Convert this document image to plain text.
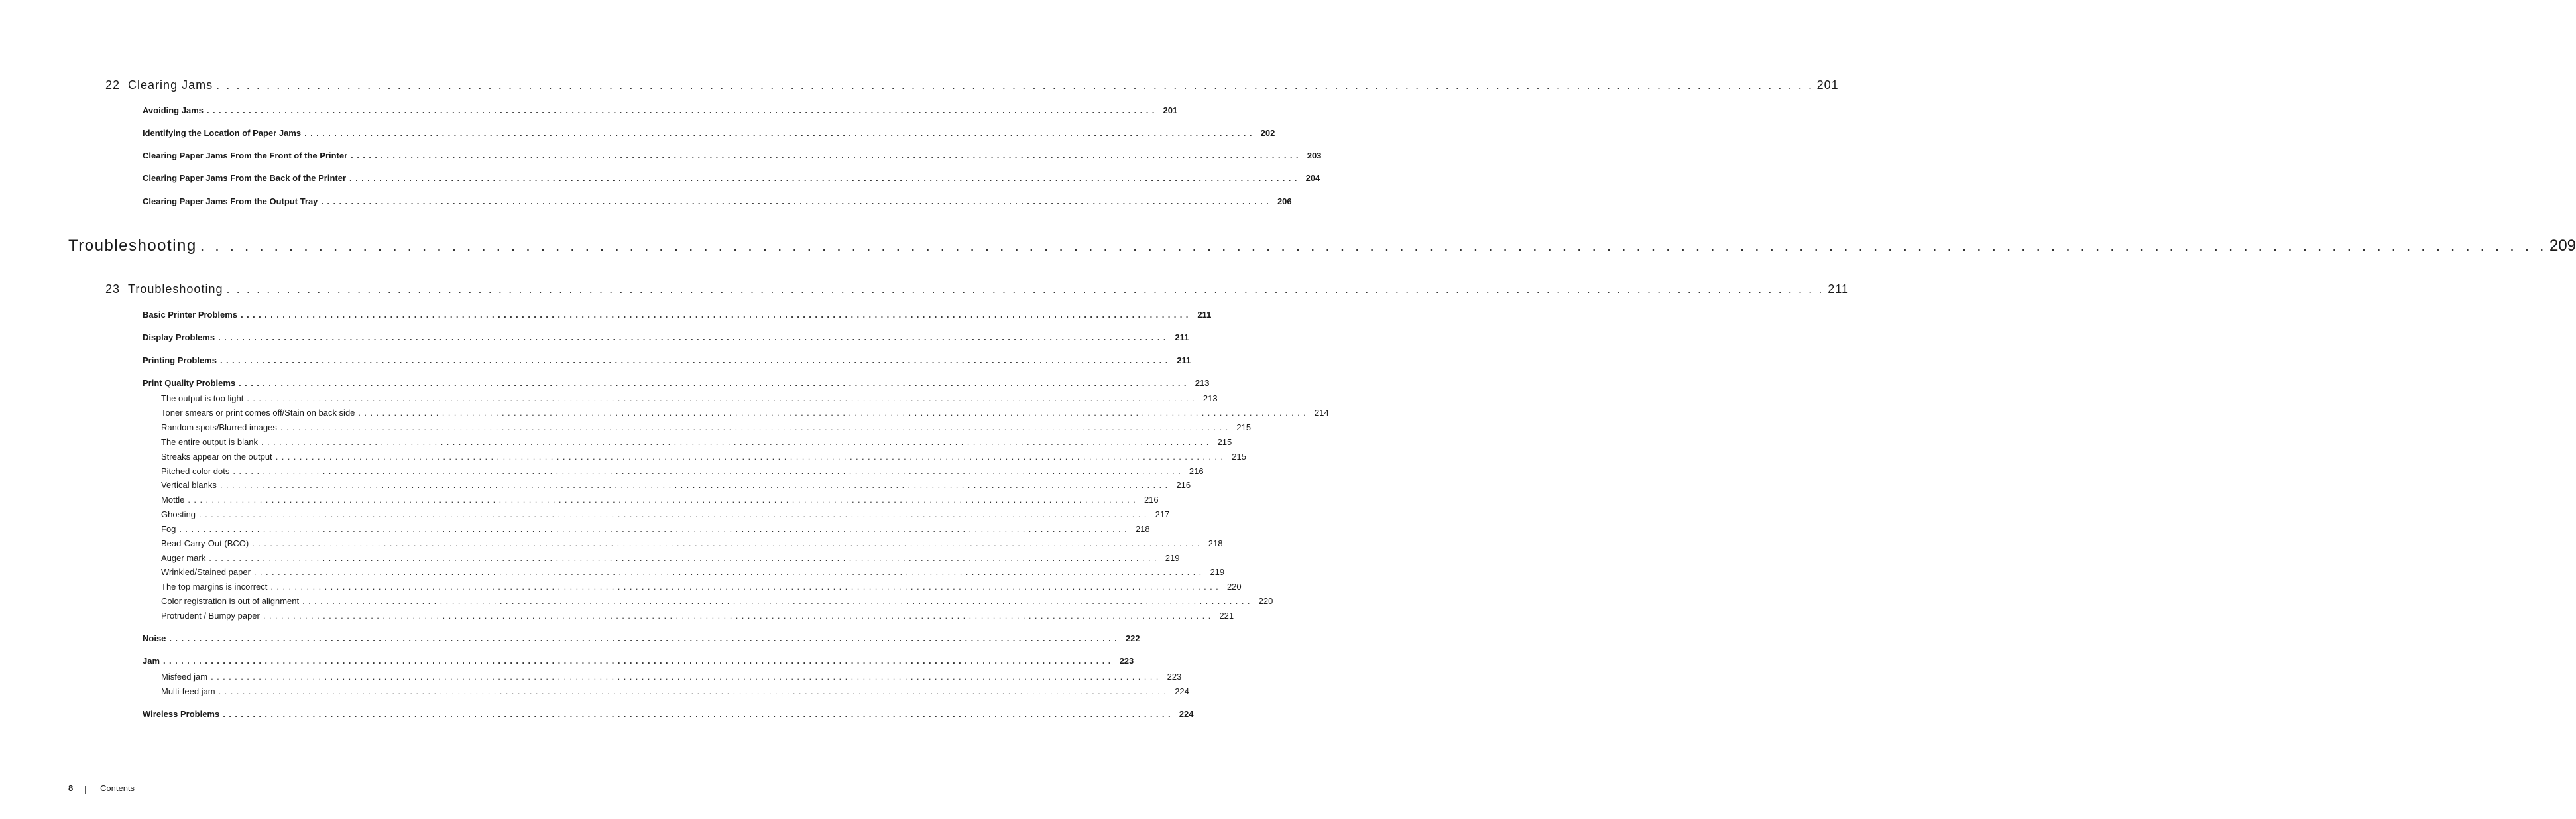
22 Clearing Jams . . .	201
Avoiding Jams . . .	201
Identifying the Location of Paper Jams . . .	202
Clearing Paper Jams From the Front of the Printer . . .	203
Clearing Paper Jams From the Back of the Printer . . .	204
Clearing Paper Jams From the Output Tray . . .	206
Troubleshooting . . .	209
23 Troubleshooting . . .	211
Basic Printer Problems . . .	211
Display Problems . . .	211
Printing Problems . . .	211
Print Quality Problems . . .	213
The output is too light . . .	213
Toner smears or print comes off/Stain on back side . . .	214
Random spots/Blurred images . . .	215
The entire output is blank . . .	215
Streaks appear on the output . . .	215
Pitched color dots . . .	216
Vertical blanks . . .	216
Mottle . . .	216
Ghosting . . .	217
Fog . . .	218
Bead-Carry-Out (BCO) . . .	218
Auger mark . . .	219
Wrinkled/Stained paper . . .	219
The top margins is incorrect . . .	220
Color registration is out of alignment . . .	220
Protrudent / Bumpy paper . . .	221
Noise . . .	222
Jam . . .	223
Misfeed jam . . .	223
Multi-feed jam . . .	224
Wireless Problems . . .	224
8	Contents
